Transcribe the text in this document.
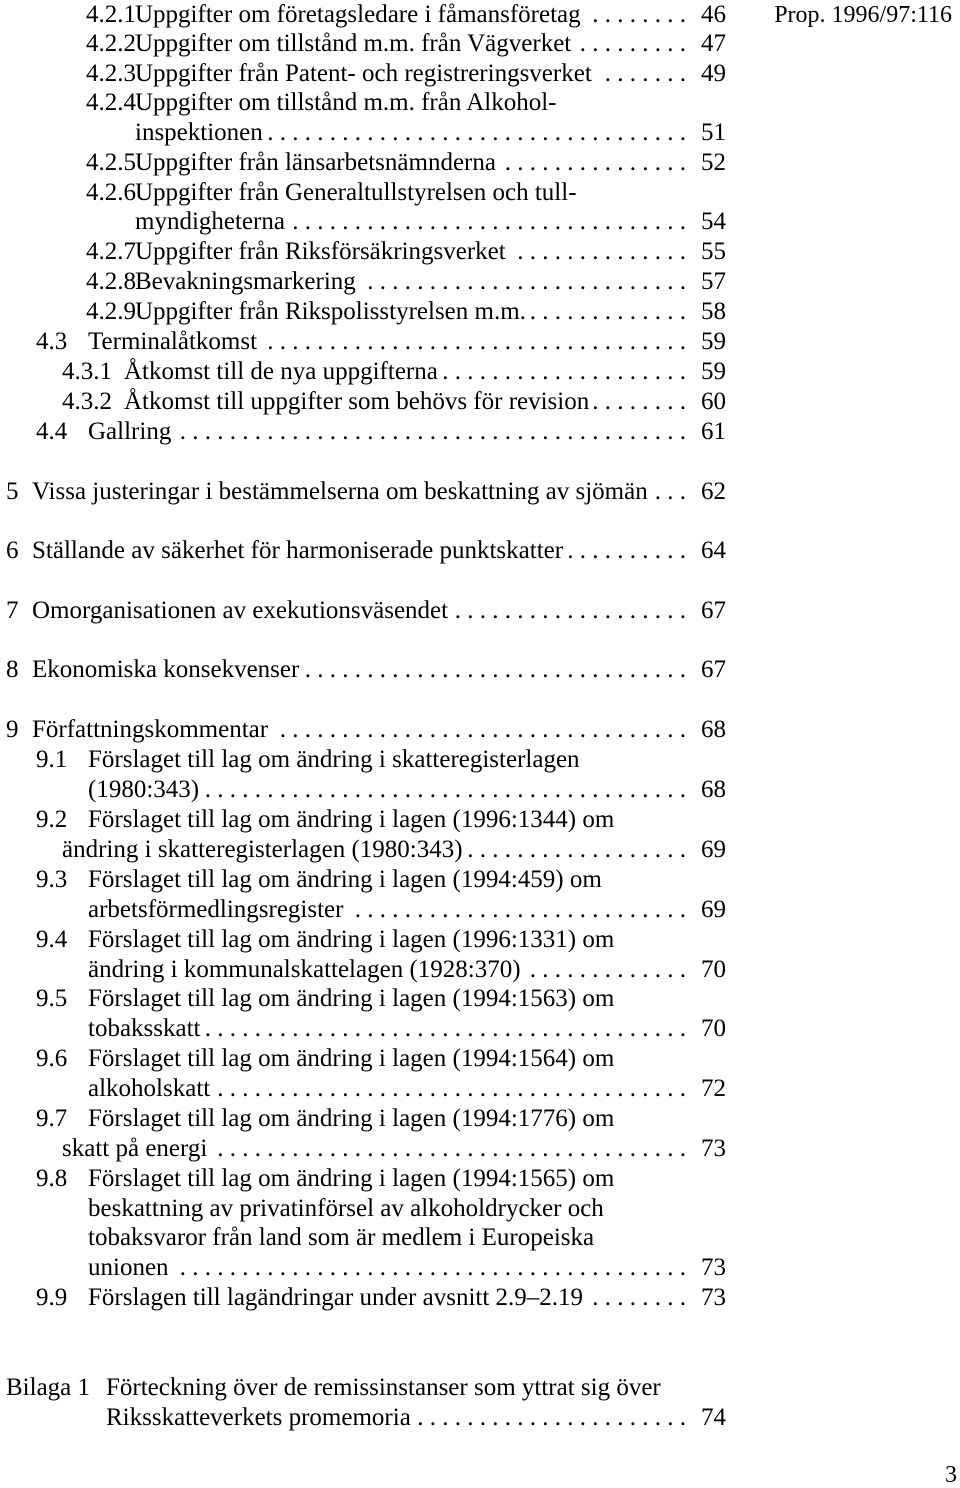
Prop. 1996/97:116
4.2.1 Uppgifter om företagsledare i fåmansföretag . . .	46
4.2.2 Uppgifter om tillstånd m.m. från Vägverket . . .	47
4.2.3 Uppgifter från Patent- och registreringsverket . . .	49
4.2.4 Uppgifter om tillstånd m.m. från Alkohol-
inspektionen . . .	51
4.2.5 Uppgifter från länsarbetsnämnderna . . .	52
4.2.6 Uppgifter från Generaltullstyrelsen och tull-
myndigheterna . . .	54
4.2.7 Uppgifter från Riksförsäkringsverket . . .	55
4.2.8 Bevakningsmarkering . . .	57
4.2.9 Uppgifter från Rikspolisstyrelsen m.m. . . .	58
4.3 Terminalåtkomst . . .	59
4.3.1 Åtkomst till de nya uppgifterna . . .	59
4.3.2 Åtkomst till uppgifter som behövs för revision . . .	60
4.4 Gallring . . .	61
5 Vissa justeringar i bestämmelserna om beskattning av sjömän . . .	62
6 Ställande av säkerhet för harmoniserade punktskatter . . .	64
7 Omorganisationen av exekutionsväsendet . . .	67
8 Ekonomiska konsekvenser . . .	67
9 Författningskommentar . . .	68
9.1 Förslaget till lag om ändring i skatteregisterlagen
(1980:343) . . .	68
9.2 Förslaget till lag om ändring i lagen (1996:1344) om
ändring i skatteregisterlagen (1980:343) . . .	69
9.3 Förslaget till lag om ändring i lagen (1994:459) om
arbetsförmedlingsregister . . .	69
9.4 Förslaget till lag om ändring i lagen (1996:1331) om
ändring i kommunalskattelagen (1928:370) . . .	70
9.5 Förslaget till lag om ändring i lagen (1994:1563) om
tobaksskatt . . .	70
9.6 Förslaget till lag om ändring i lagen (1994:1564) om
alkoholskatt . . .	72
9.7 Förslaget till lag om ändring i lagen (1994:1776) om
skatt på energi . . .	73
9.8 Förslaget till lag om ändring i lagen (1994:1565) om
beskattning av privatinförsel av alkoholdrycker och
tobaksvaror från land som är medlem i Europeiska
unionen . . .	73
9.9 Förslagen till lagändringar under avsnitt 2.9–2.19 . . .	73
Bilaga 1 Förteckning över de remissinstanser som yttrat sig över
Riksskatteverkets promemoria . . .	74
3
